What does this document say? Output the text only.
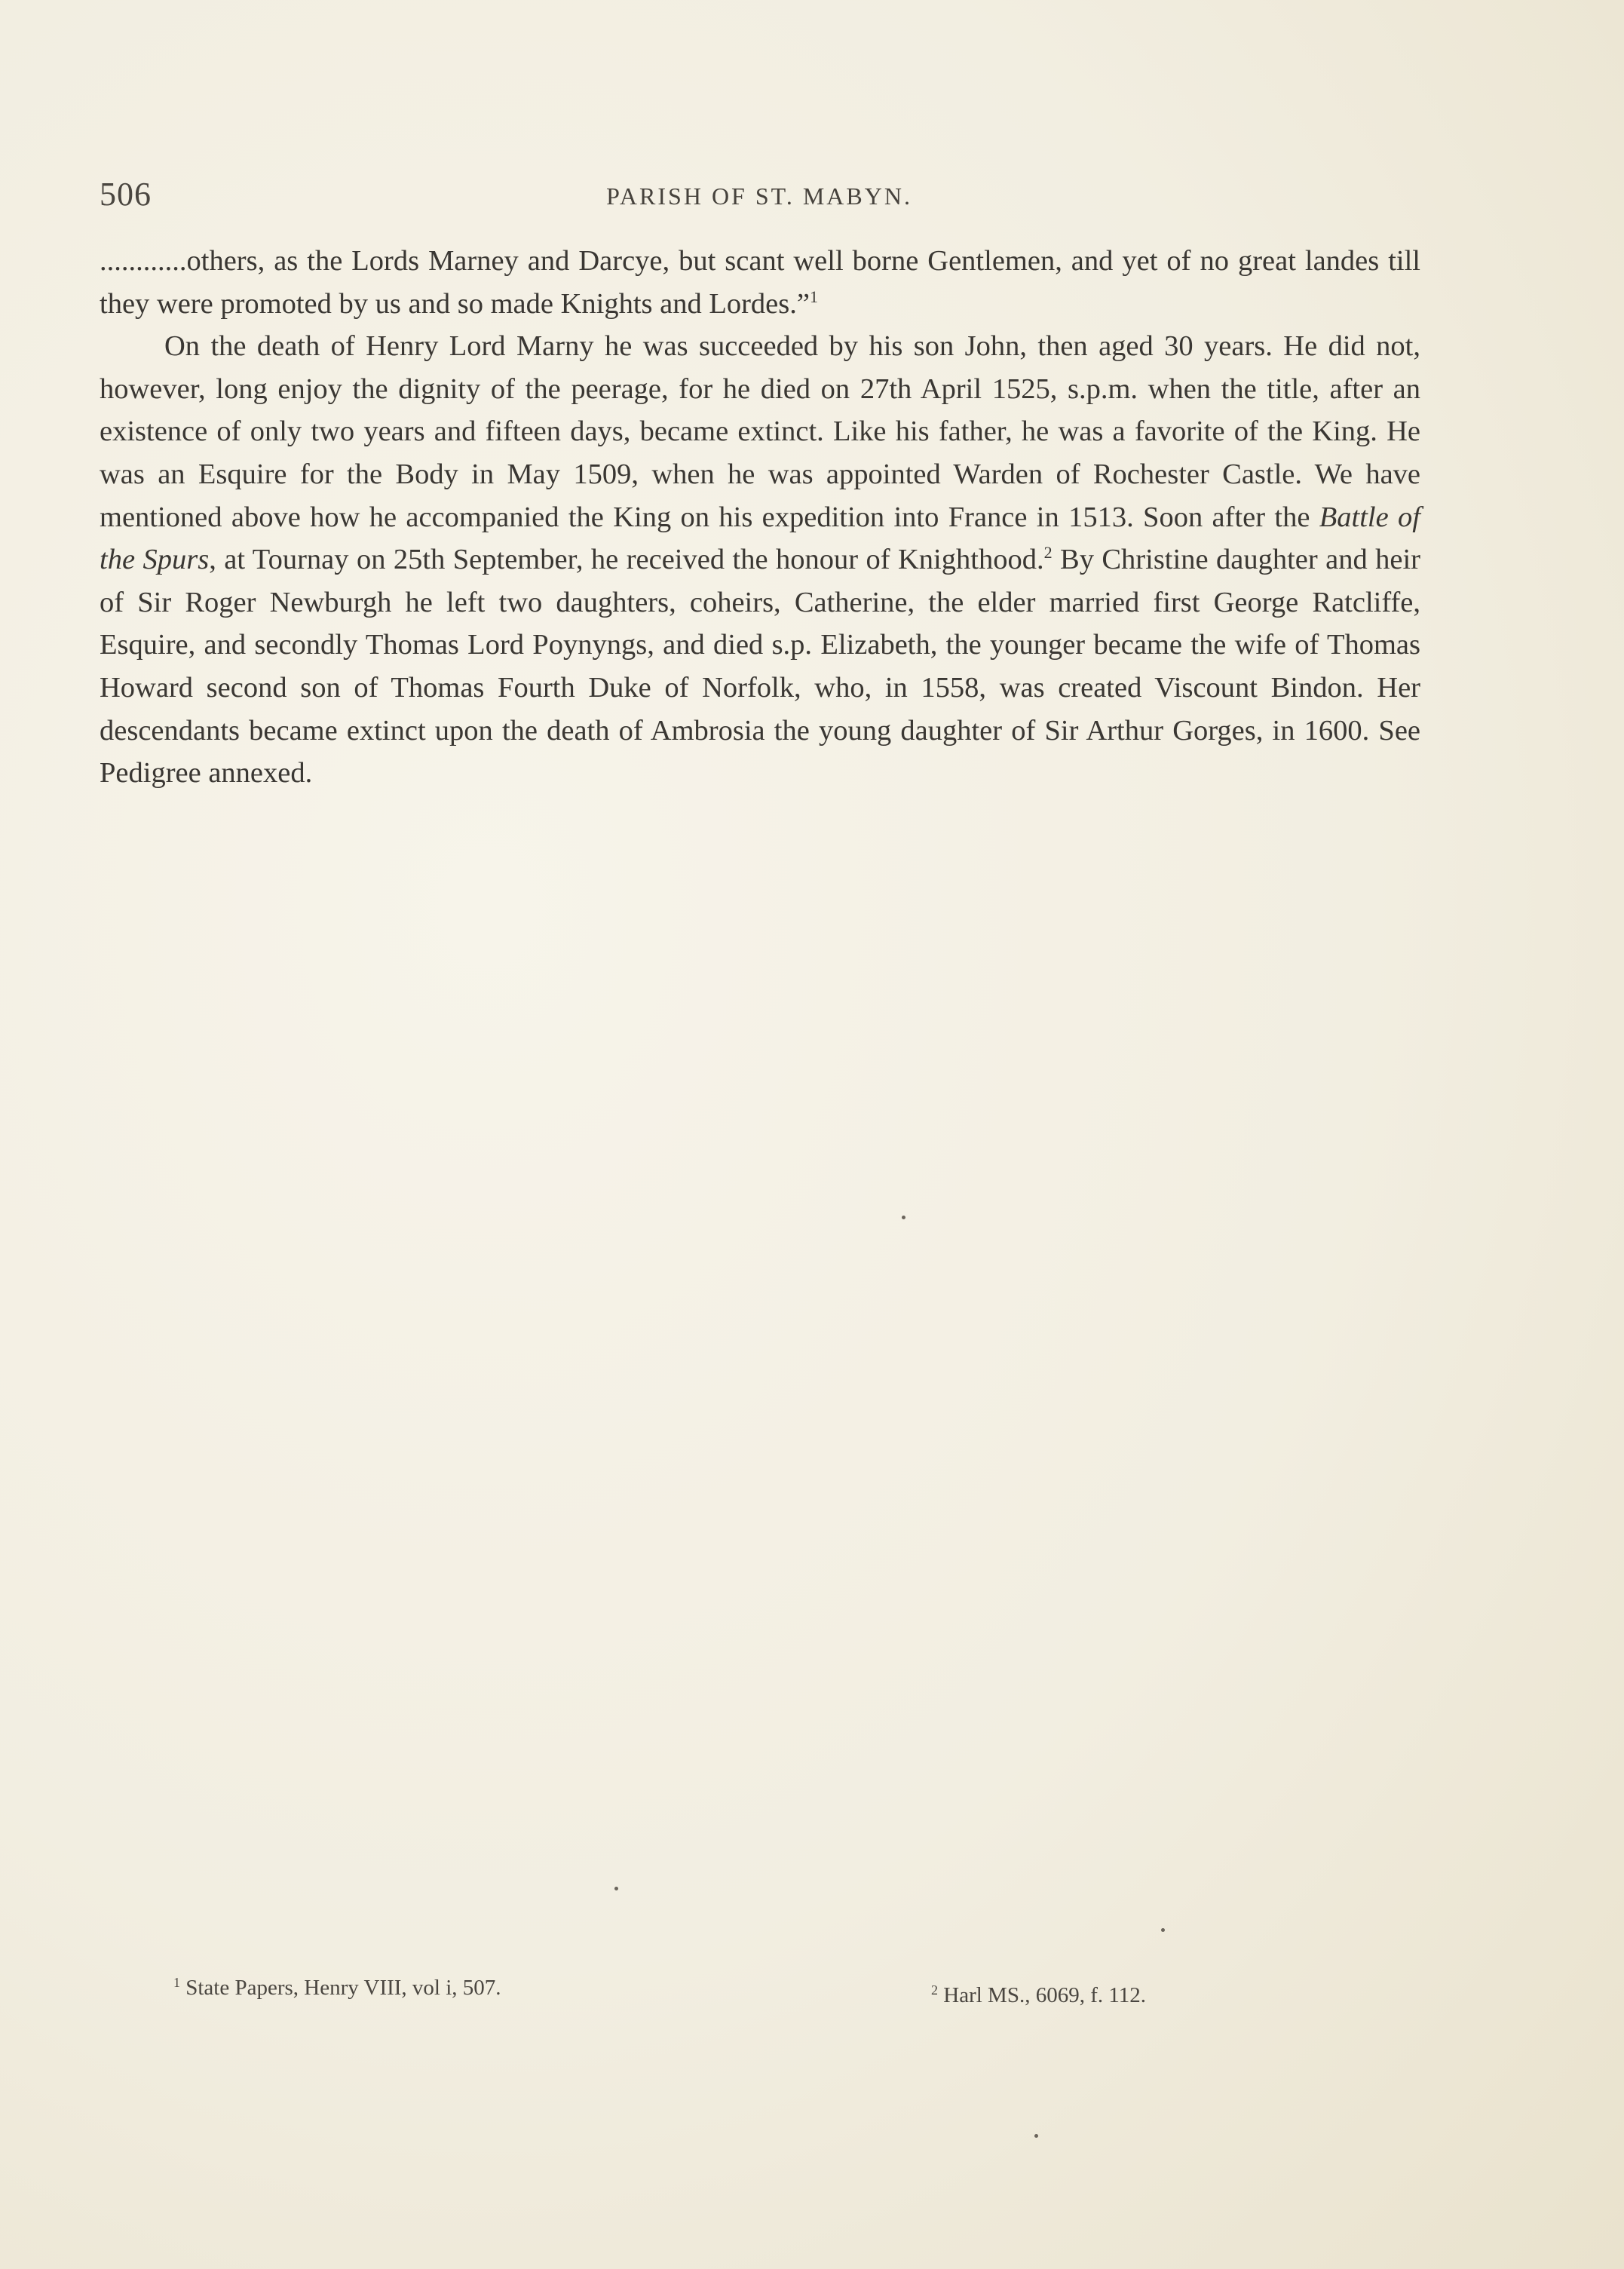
506	PARISH OF ST. MABYN.

............others, as the Lords Marney and Darcye, but scant well borne Gentlemen, and yet of no great landes till they were promoted by us and so made Knights and Lordes.”$^1$

On the death of Henry Lord Marny he was succeeded by his son John, then aged 30 years. He did not, however, long enjoy the dignity of the peerage, for he died on 27th April 1525, s.p.m. when the title, after an existence of only two years and fifteen days, became extinct. Like his father, he was a favorite of the King. He was an Esquire for the Body in May 1509, when he was appointed Warden of Rochester Castle. We have mentioned above how he accompanied the King on his expedition into France in 1513. Soon after the Battle of the Spurs, at Tournay on 25th September, he received the honour of Knighthood.$^2$ By Christine daughter and heir of Sir Roger Newburgh he left two daughters, coheirs, Catherine, the elder married first George Ratcliffe, Esquire, and secondly Thomas Lord Poynyngs, and died s.p. Elizabeth, the younger became the wife of Thomas Howard second son of Thomas Fourth Duke of Norfolk, who, in 1558, was created Viscount Bindon. Her descendants became extinct upon the death of Ambrosia the young daughter of Sir Arthur Gorges, in 1600. See Pedigree annexed.

$^1$ State Papers, Henry VIII, vol i, 507.	$^2$ Harl MS., 6069, f. 112.
